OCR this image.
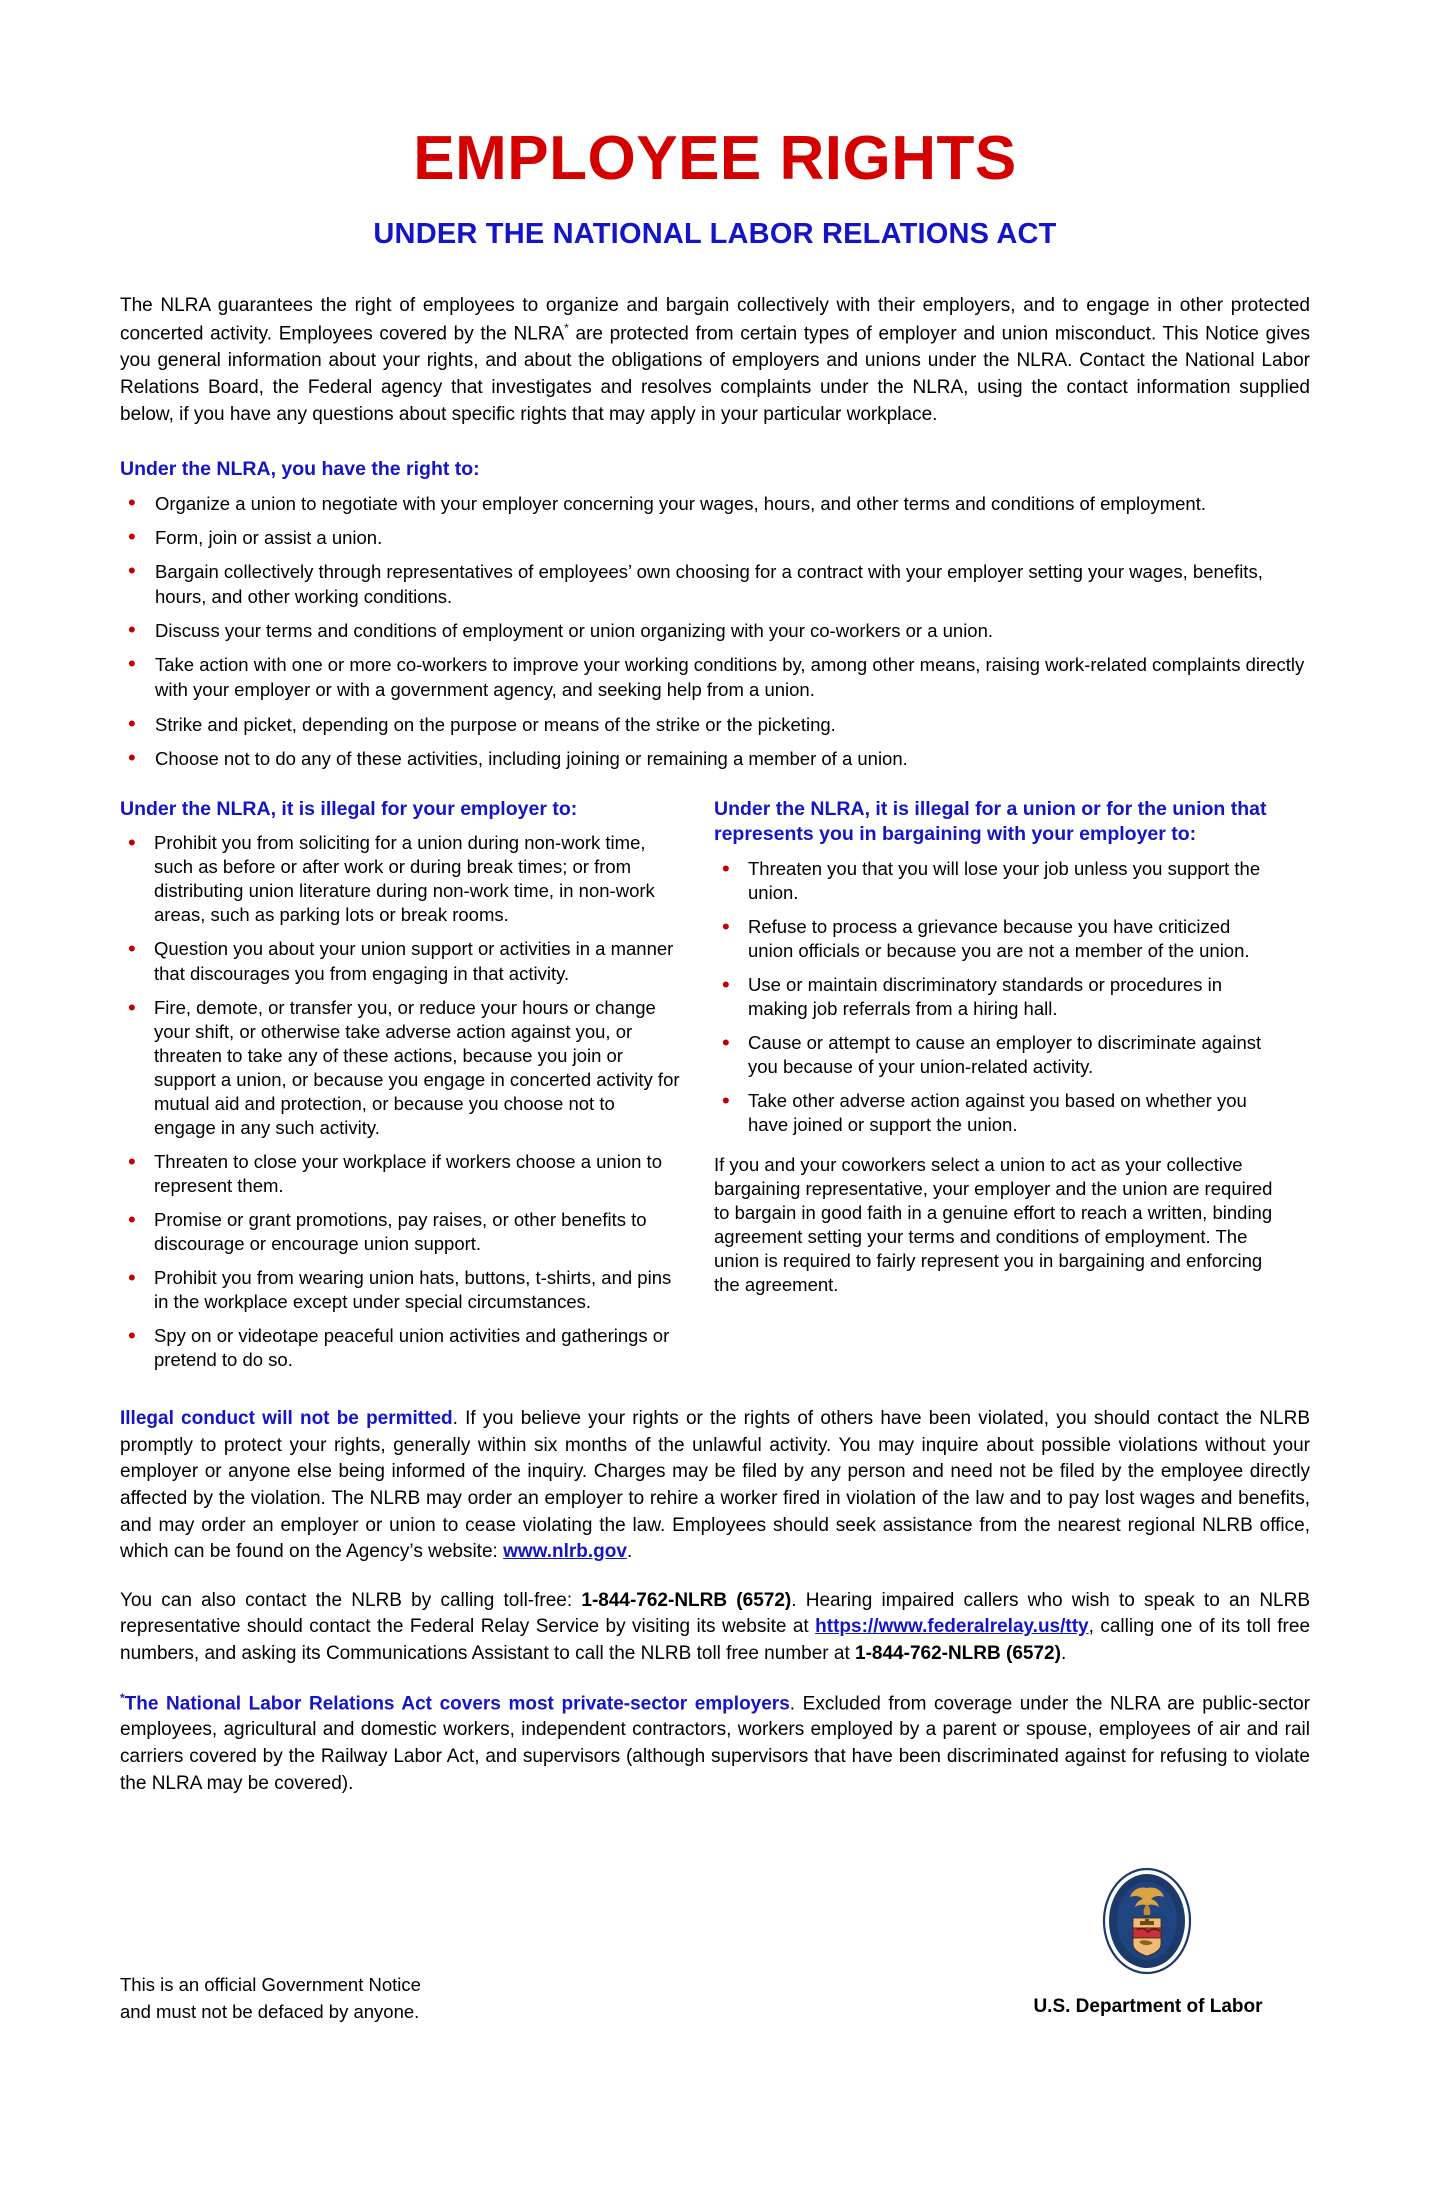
EMPLOYEE RIGHTS
UNDER THE NATIONAL LABOR RELATIONS ACT

The NLRA guarantees the right of employees to organize and bargain collectively with their employers, and to engage in other protected concerted activity. Employees covered by the NLRA* are protected from certain types of employer and union misconduct. This Notice gives you general information about your rights, and about the obligations of employers and unions under the NLRA. Contact the National Labor Relations Board, the Federal agency that investigates and resolves complaints under the NLRA, using the contact information supplied below, if you have any questions about specific rights that may apply in your particular workplace.

Under the NLRA, you have the right to:
• Organize a union to negotiate with your employer concerning your wages, hours, and other terms and conditions of employment.
• Form, join or assist a union.
• Bargain collectively through representatives of employees’ own choosing for a contract with your employer setting your wages, benefits, hours, and other working conditions.
• Discuss your terms and conditions of employment or union organizing with your co-workers or a union.
• Take action with one or more co-workers to improve your working conditions by, among other means, raising work-related complaints directly with your employer or with a government agency, and seeking help from a union.
• Strike and picket, depending on the purpose or means of the strike or the picketing.
• Choose not to do any of these activities, including joining or remaining a member of a union.
Under the NLRA, it is illegal for your employer to:
• Prohibit you from soliciting for a union during non-work time, such as before or after work or during break times; or from distributing union literature during non-work time, in non-work areas, such as parking lots or break rooms.
• Question you about your union support or activities in a manner that discourages you from engaging in that activity.
• Fire, demote, or transfer you, or reduce your hours or change your shift, or otherwise take adverse action against you, or threaten to take any of these actions, because you join or support a union, or because you engage in concerted activity for mutual aid and protection, or because you choose not to engage in any such activity.
• Threaten to close your workplace if workers choose a union to represent them.
• Promise or grant promotions, pay raises, or other benefits to discourage or encourage union support.
• Prohibit you from wearing union hats, buttons, t-shirts, and pins in the workplace except under special circumstances.
• Spy on or videotape peaceful union activities and gatherings or pretend to do so.
Under the NLRA, it is illegal for a union or for the union that represents you in bargaining with your employer to:
• Threaten you that you will lose your job unless you support the union.
• Refuse to process a grievance because you have criticized union officials or because you are not a member of the union.
• Use or maintain discriminatory standards or procedures in making job referrals from a hiring hall.
• Cause or attempt to cause an employer to discriminate against you because of your union-related activity.
• Take other adverse action against you based on whether you have joined or support the union.

If you and your coworkers select a union to act as your collective bargaining representative, your employer and the union are required to bargain in good faith in a genuine effort to reach a written, binding agreement setting your terms and conditions of employment. The union is required to fairly represent you in bargaining and enforcing the agreement.

Illegal conduct will not be permitted. If you believe your rights or the rights of others have been violated, you should contact the NLRB promptly to protect your rights, generally within six months of the unlawful activity. You may inquire about possible violations without your employer or anyone else being informed of the inquiry. Charges may be filed by any person and need not be filed by the employee directly affected by the violation. The NLRB may order an employer to rehire a worker fired in violation of the law and to pay lost wages and benefits, and may order an employer or union to cease violating the law. Employees should seek assistance from the nearest regional NLRB office, which can be found on the Agency’s website: www.nlrb.gov.

You can also contact the NLRB by calling toll-free: 1-844-762-NLRB (6572). Hearing impaired callers who wish to speak to an NLRB representative should contact the Federal Relay Service by visiting its website at https://www.federalrelay.us/tty, calling one of its toll free numbers, and asking its Communications Assistant to call the NLRB toll free number at 1-844-762-NLRB (6572).

*The National Labor Relations Act covers most private-sector employers. Excluded from coverage under the NLRA are public-sector employees, agricultural and domestic workers, independent contractors, workers employed by a parent or spouse, employees of air and rail carriers covered by the Railway Labor Act, and supervisors (although supervisors that have been discriminated against for refusing to violate the NLRA may be covered).

This is an official Government Notice
and must not be defaced by anyone.	U.S. Department of Labor
